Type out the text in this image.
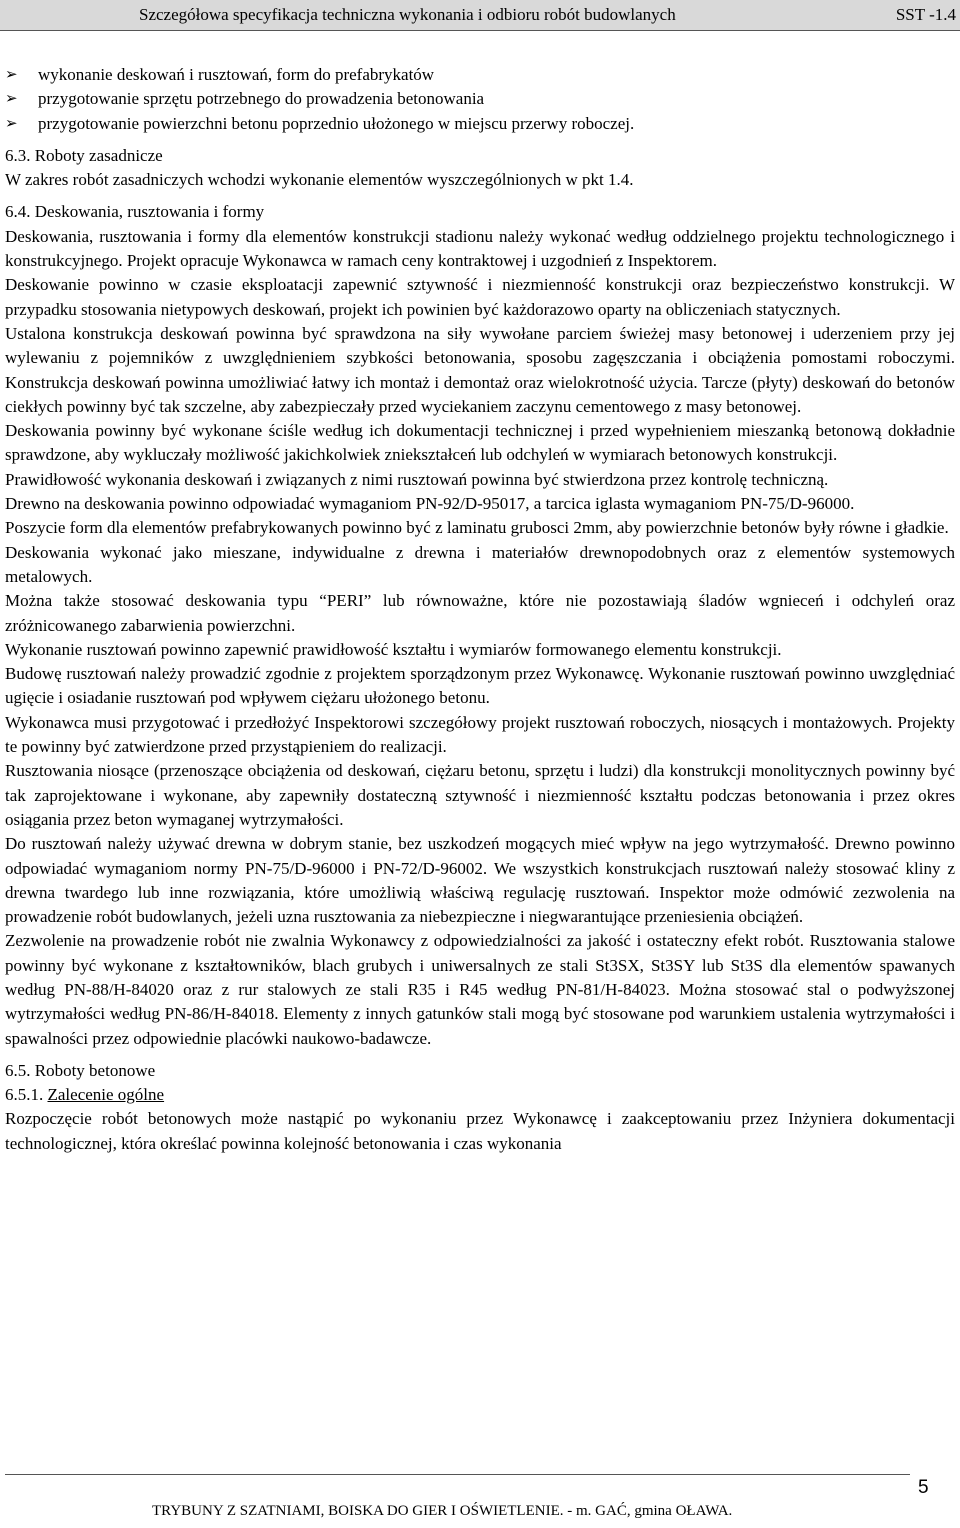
Szczegółowa specyfikacja techniczna wykonania i odbioru robót budowlanych	SST -1.4
➢ wykonanie deskowań i rusztowań, form do prefabrykatów
➢ przygotowanie sprzętu potrzebnego do prowadzenia betonowania
➢ przygotowanie powierzchni betonu poprzednio ułożonego w miejscu przerwy roboczej.

6.3. Roboty zasadnicze

W zakres robót zasadniczych wchodzi wykonanie elementów wyszczególnionych w pkt 1.4.

6.4. Deskowania, rusztowania i formy

Deskowania, rusztowania i formy dla elementów konstrukcji stadionu należy wykonać według oddzielnego projektu technologicznego i konstrukcyjnego. Projekt opracuje Wykonawca w ramach ceny kontraktowej i uzgodnień z Inspektorem.

Deskowanie powinno w czasie eksploatacji zapewnić sztywność i niezmienność konstrukcji oraz bezpieczeństwo konstrukcji. W przypadku stosowania nietypowych deskowań, projekt ich powinien być każdorazowo oparty na obliczeniach statycznych.

Ustalona konstrukcja deskowań powinna być sprawdzona na siły wywołane parciem świeżej masy betonowej i uderzeniem przy jej wylewaniu z pojemników z uwzględnieniem szybkości betonowania, sposobu zagęszczania i obciążenia pomostami roboczymi. Konstrukcja deskowań powinna umożliwiać łatwy ich montaż i demontaż oraz wielokrotność użycia. Tarcze (płyty) deskowań do betonów ciekłych powinny być tak szczelne, aby zabezpieczały przed wyciekaniem zaczynu cementowego z masy betonowej.

Deskowania powinny być wykonane ściśle według ich dokumentacji technicznej i przed wypełnieniem mieszanką betonową dokładnie sprawdzone, aby wykluczały możliwość jakichkolwiek zniekształceń lub odchyleń w wymiarach betonowych konstrukcji.

Prawidłowość wykonania deskowań i związanych z nimi rusztowań powinna być stwierdzona przez kontrolę techniczną.

Drewno na deskowania powinno odpowiadać wymaganiom PN-92/D-95017, a tarcica iglasta wymaganiom PN-75/D-96000.

Poszycie form dla elementów prefabrykowanych powinno być z laminatu grubosci 2mm, aby powierzchnie betonów były równe i gładkie.

Deskowania wykonać jako mieszane, indywidualne z drewna i materiałów drewnopodobnych oraz z elementów systemowych metalowych.

Można także stosować deskowania typu “PERI” lub równoważne, które nie pozostawiają śladów wgnieceń i odchyleń oraz zróżnicowanego zabarwienia powierzchni.

Wykonanie rusztowań powinno zapewnić prawidłowość kształtu i wymiarów formowanego elementu konstrukcji.

Budowę rusztowań należy prowadzić zgodnie z projektem sporządzonym przez Wykonawcę. Wykonanie rusztowań powinno uwzględniać ugięcie i osiadanie rusztowań pod wpływem ciężaru ułożonego betonu.

Wykonawca musi przygotować i przedłożyć Inspektorowi szczegółowy projekt rusztowań roboczych, niosących i montażowych. Projekty te powinny być zatwierdzone przed przystąpieniem do realizacji.

Rusztowania niosące (przenoszące obciążenia od deskowań, ciężaru betonu, sprzętu i ludzi) dla konstrukcji monolitycznych powinny być tak zaprojektowane i wykonane, aby zapewniły dostateczną sztywność i niezmienność kształtu podczas betonowania i przez okres osiągania przez beton wymaganej wytrzymałości.

Do rusztowań należy używać drewna w dobrym stanie, bez uszkodzeń mogących mieć wpływ na jego wytrzymałość. Drewno powinno odpowiadać wymaganiom normy PN-75/D-96000 i PN-72/D-96002. We wszystkich konstrukcjach rusztowań należy stosować kliny z drewna twardego lub inne rozwiązania, które umożliwią właściwą regulację rusztowań. Inspektor może odmówić zezwolenia na prowadzenie robót budowlanych, jeżeli uzna rusztowania za niebezpieczne i niegwarantujące przeniesienia obciążeń.

Zezwolenie na prowadzenie robót nie zwalnia Wykonawcy z odpowiedzialności za jakość i ostateczny efekt robót. Rusztowania stalowe powinny być wykonane z kształtowników, blach grubych i uniwersalnych ze stali St3SX, St3SY lub St3S dla elementów spawanych według PN-88/H-84020 oraz z rur stalowych ze stali R35 i R45 według PN-81/H-84023. Można stosować stal o podwyższonej wytrzymałości według PN-86/H-84018. Elementy z innych gatunków stali mogą być stosowane pod warunkiem ustalenia wytrzymałości i spawalności przez odpowiednie placówki naukowo-badawcze.

6.5. Roboty betonowe

6.5.1. Zalecenie ogólne

Rozpoczęcie robót betonowych może nastąpić po wykonaniu przez Wykonawcę i zaakceptowaniu przez Inżyniera dokumentacji technologicznej, która określać powinna kolejność betonowania i czas wykonania

5
TRYBUNY Z SZATNIAMI, BOISKA DO GIER I OŚWIETLENIE. - m. GAĆ, gmina OŁAWA.
